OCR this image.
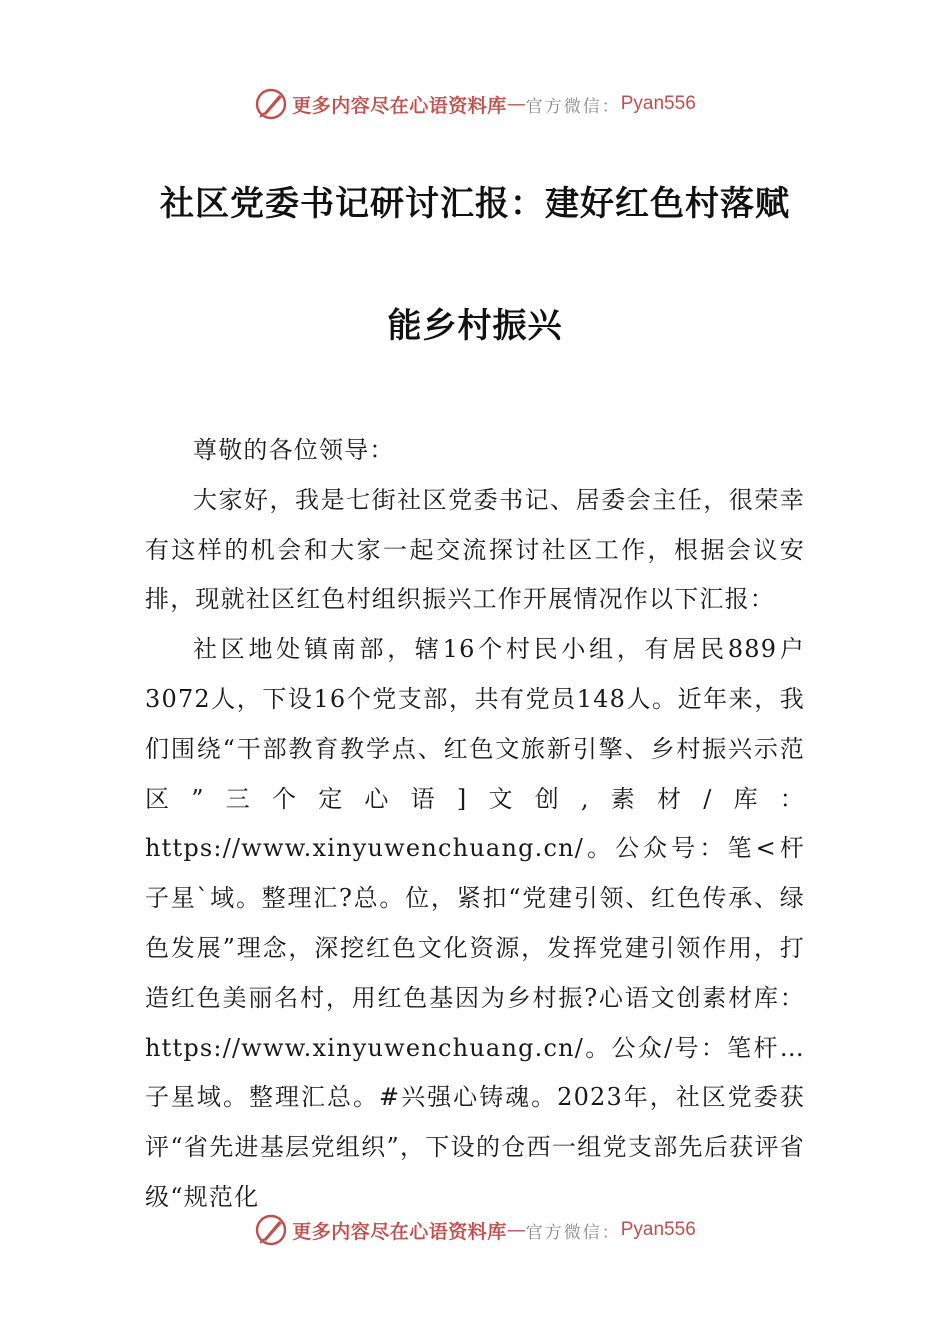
更多内容尽在心语资料库 — 官方微信： Pyan556
社区党委书记研讨汇报：建好红色村落赋
能乡村振兴

尊敬的各位领导：

大家好，我是七街社区党委书记、居委会主任，很荣幸有这样的机会和大家一起交流探讨社区工作，根据会议安排，现就社区红色村组织振兴工作开展情况作以下汇报：

社区地处镇南部，辖16个村民小组，有居民889户3072人，下设16个党支部，共有党员148人。近年来，我们围绕“干部教育教学点、红色文旅新引擎、乡村振兴示范区”三个定心语]文创,素材/库：https://www.xinyuwenchuang.cn/。公众号：笔<杆子星`域。整理汇?总。位，紧扣“党建引领、红色传承、绿色发展”理念，深挖红色文化资源，发挥党建引领作用，打造红色美丽名村，用红色基因为乡村振?心语文创素材库：https://www.xinyuwenchuang.cn/。公众/号：笔杆…子星域。整理汇总。#兴强心铸魂。2023年，社区党委获评“省先进基层党组织”，下设的仓西一组党支部先后获评省级“规范化

更多内容尽在心语资料库 — 官方微信： Pyan556
